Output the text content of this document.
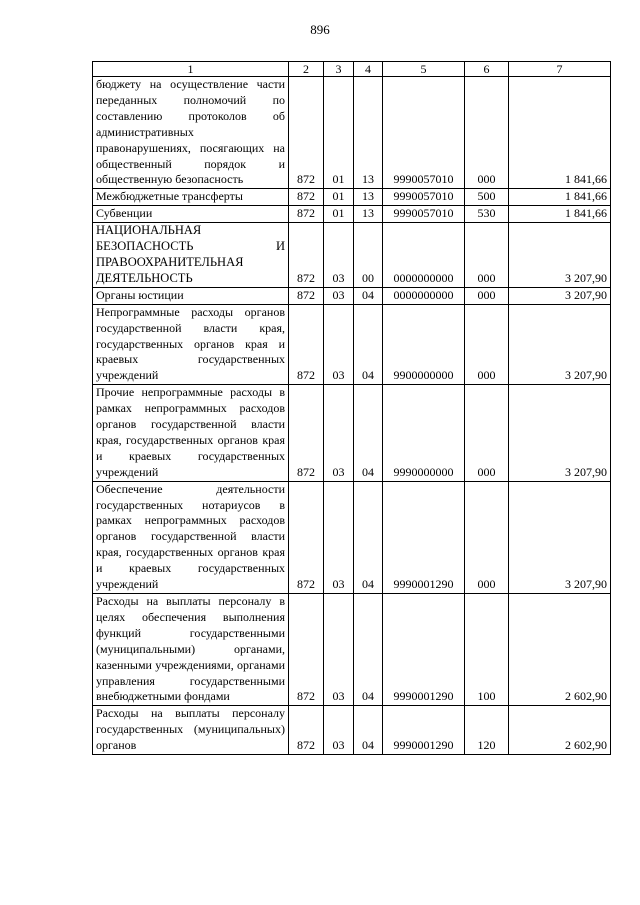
896
1	2	3	4	5	6	7
бюджету на осуществление части переданных полномочий по составлению протоколов об административных правонарушениях, посягающих на общественный порядок и общественную безопасность	872	01	13	9990057010	000	1 841,66
Межбюджетные трансферты	872	01	13	9990057010	500	1 841,66
Субвенции	872	01	13	9990057010	530	1 841,66
НАЦИОНАЛЬНАЯ БЕЗОПАСНОСТЬ И ПРАВООХРАНИТЕЛЬНАЯ ДЕЯТЕЛЬНОСТЬ	872	03	00	0000000000	000	3 207,90
Органы юстиции	872	03	04	0000000000	000	3 207,90
Непрограммные расходы органов государственной власти края, государственных органов края и краевых государственных учреждений	872	03	04	9900000000	000	3 207,90
Прочие непрограммные расходы в рамках непрограммных расходов органов государственной власти края, государственных органов края и краевых государственных учреждений	872	03	04	9990000000	000	3 207,90
Обеспечение деятельности государственных нотариусов в рамках непрограммных расходов органов государственной власти края, государственных органов края и краевых государственных учреждений	872	03	04	9990001290	000	3 207,90
Расходы на выплаты персоналу в целях обеспечения выполнения функций государственными (муниципальными) органами, казенными учреждениями, органами управления государственными внебюджетными фондами	872	03	04	9990001290	100	2 602,90
Расходы на выплаты персоналу государственных (муниципальных) органов	872	03	04	9990001290	120	2 602,90
